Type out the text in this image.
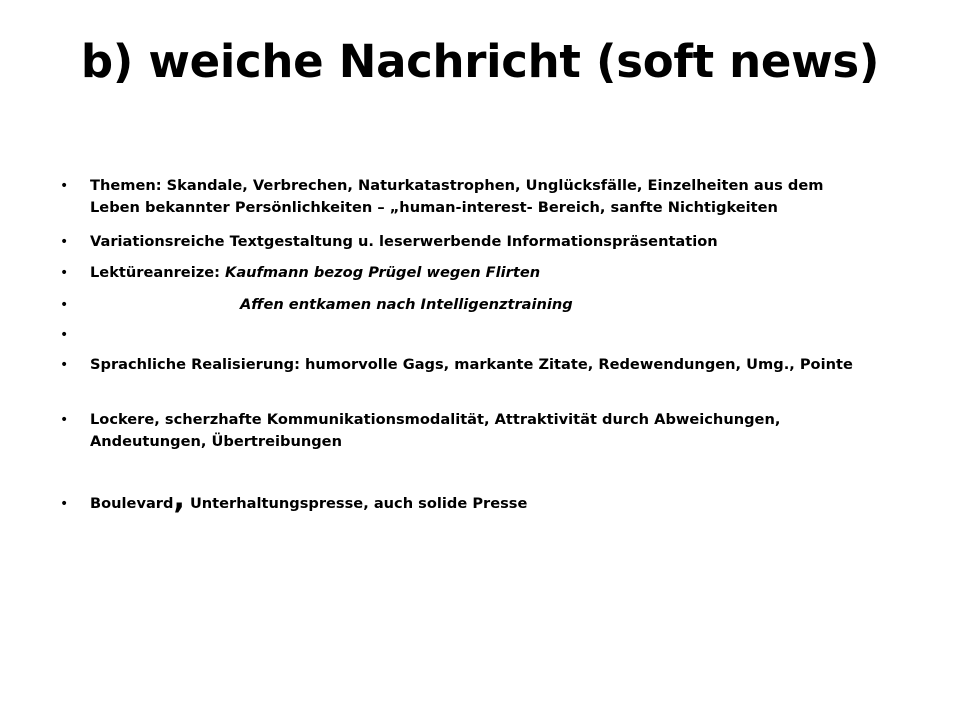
b) weiche Nachricht (soft news)
• Themen: Skandale, Verbrechen, Naturkatastrophen, Unglücksfälle, Einzelheiten aus dem Leben bekannter Persönlichkeiten – „human-interest- Bereich, sanfte Nichtigkeiten
• Variationsreiche Textgestaltung u. leserwerbende Informationspräsentation
• Lektüreanreize: Kaufmann bezog Prügel wegen Flirten
•	Affen entkamen nach Intelligenztraining
•
• Sprachliche Realisierung: humorvolle Gags, markante Zitate, Redewendungen, Umg., Pointe
• Lockere, scherzhafte Kommunikationsmodalität, Attraktivität durch Abweichungen, Andeutungen, Übertreibungen
• Boulevard, Unterhaltungspresse, auch solide Presse
